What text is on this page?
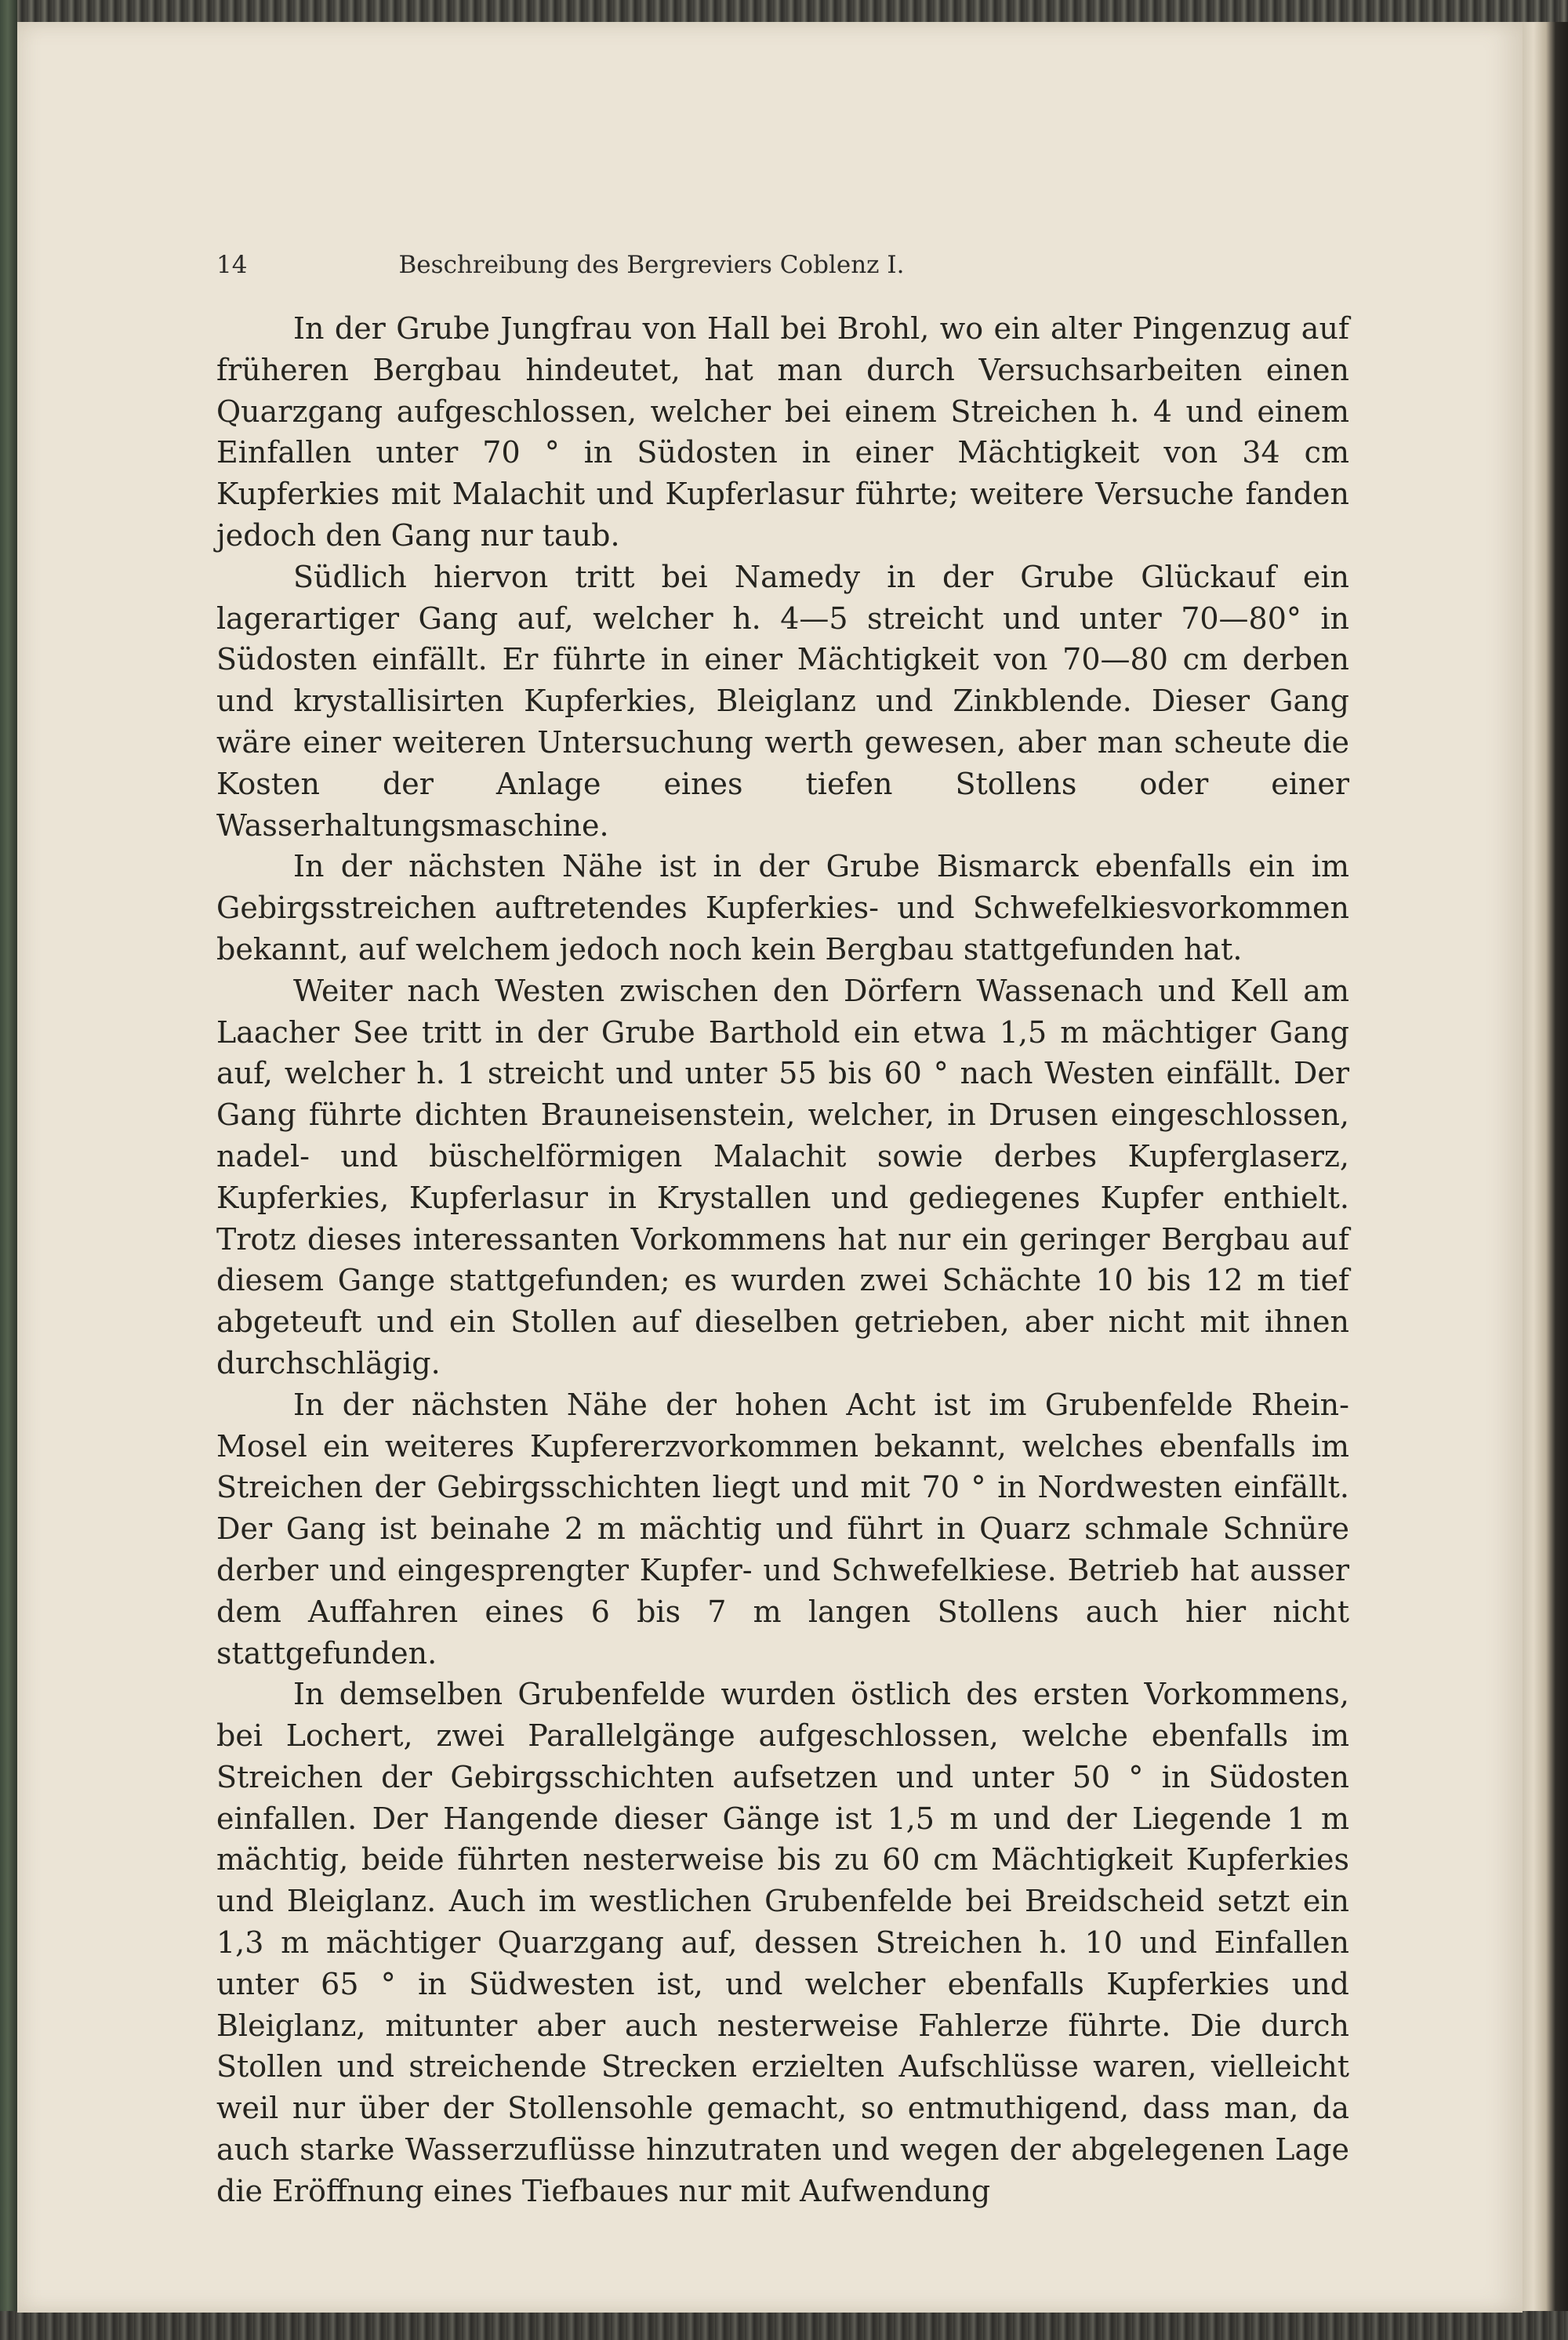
14	Beschreibung des Bergreviers Coblenz I.

In der Grube Jungfrau von Hall bei Brohl, wo ein alter Pingenzug auf früheren Bergbau hindeutet, hat man durch Versuchsarbeiten einen Quarzgang aufgeschlossen, welcher bei einem Streichen h. 4 und einem Einfallen unter 70 ° in Südosten in einer Mächtigkeit von 34 cm Kupferkies mit Malachit und Kupferlasur führte; weitere Versuche fanden jedoch den Gang nur taub.

Südlich hiervon tritt bei Namedy in der Grube Glückauf ein lagerartiger Gang auf, welcher h. 4—5 streicht und unter 70—80° in Südosten einfällt. Er führte in einer Mächtigkeit von 70—80 cm derben und krystallisirten Kupferkies, Bleiglanz und Zinkblende. Dieser Gang wäre einer weiteren Untersuchung werth gewesen, aber man scheute die Kosten der Anlage eines tiefen Stollens oder einer Wasserhaltungsmaschine.

In der nächsten Nähe ist in der Grube Bismarck ebenfalls ein im Gebirgsstreichen auftretendes Kupferkies- und Schwefelkiesvorkommen bekannt, auf welchem jedoch noch kein Bergbau stattgefunden hat.

Weiter nach Westen zwischen den Dörfern Wassenach und Kell am Laacher See tritt in der Grube Barthold ein etwa 1,5 m mächtiger Gang auf, welcher h. 1 streicht und unter 55 bis 60 ° nach Westen einfällt. Der Gang führte dichten Brauneisenstein, welcher, in Drusen eingeschlossen, nadel- und büschelförmigen Malachit sowie derbes Kupferglaserz, Kupferkies, Kupferlasur in Krystallen und gediegenes Kupfer enthielt. Trotz dieses interessanten Vorkommens hat nur ein geringer Bergbau auf diesem Gange stattgefunden; es wurden zwei Schächte 10 bis 12 m tief abgeteuft und ein Stollen auf dieselben getrieben, aber nicht mit ihnen durchschlägig.

In der nächsten Nähe der hohen Acht ist im Grubenfelde Rhein-Mosel ein weiteres Kupfererzvorkommen bekannt, welches ebenfalls im Streichen der Gebirgsschichten liegt und mit 70 ° in Nordwesten einfällt. Der Gang ist beinahe 2 m mächtig und führt in Quarz schmale Schnüre derber und eingesprengter Kupfer- und Schwefelkiese. Betrieb hat ausser dem Auffahren eines 6 bis 7 m langen Stollens auch hier nicht stattgefunden.

In demselben Grubenfelde wurden östlich des ersten Vorkommens, bei Lochert, zwei Parallelgänge aufgeschlossen, welche ebenfalls im Streichen der Gebirgsschichten aufsetzen und unter 50 ° in Südosten einfallen. Der Hangende dieser Gänge ist 1,5 m und der Liegende 1 m mächtig, beide führten nesterweise bis zu 60 cm Mächtigkeit Kupferkies und Bleiglanz. Auch im westlichen Grubenfelde bei Breidscheid setzt ein 1,3 m mächtiger Quarzgang auf, dessen Streichen h. 10 und Einfallen unter 65 ° in Südwesten ist, und welcher ebenfalls Kupferkies und Bleiglanz, mitunter aber auch nesterweise Fahlerze führte. Die durch Stollen und streichende Strecken erzielten Aufschlüsse waren, vielleicht weil nur über der Stollensohle gemacht, so entmuthigend, dass man, da auch starke Wasserzuflüsse hinzutraten und wegen der abgelegenen Lage die Eröffnung eines Tiefbaues nur mit Aufwendung
